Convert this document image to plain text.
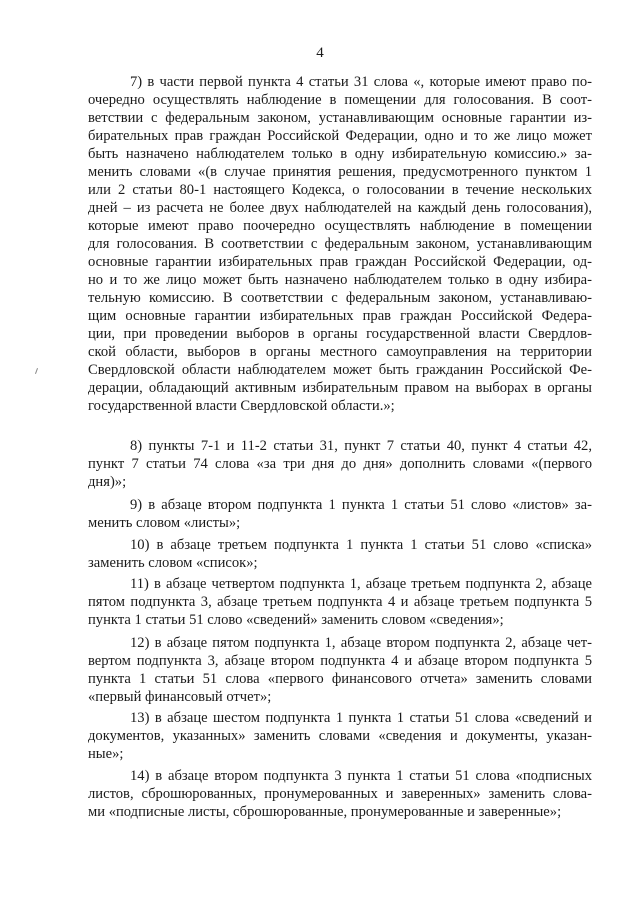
4
7) в части первой пункта 4 статьи 31 слова «, которые имеют право по-
очередно осуществлять наблюдение в помещении для голосования. В соот-
ветствии с федеральным законом, устанавливающим основные гарантии из-
бирательных прав граждан Российской Федерации, одно и то же лицо может
быть назначено наблюдателем только в одну избирательную комиссию.» за-
менить словами «(в случае принятия решения, предусмотренного пунктом 1
или 2 статьи 80-1 настоящего Кодекса, о голосовании в течение нескольких
дней – из расчета не более двух наблюдателей на каждый день голосования),
которые имеют право поочередно осуществлять наблюдение в помещении
для голосования. В соответствии с федеральным законом, устанавливающим
основные гарантии избирательных прав граждан Российской Федерации, од-
но и то же лицо может быть назначено наблюдателем только в одну избира-
тельную комиссию. В соответствии с федеральным законом, устанавливаю-
щим основные гарантии избирательных прав граждан Российской Федера-
ции, при проведении выборов в органы государственной власти Свердлов-
ской области, выборов в органы местного самоуправления на территории
Свердловской области наблюдателем может быть гражданин Российской Фе-
дерации, обладающий активным избирательным правом на выборах в органы
государственной власти Свердловской области.»;
8) пункты 7-1 и 11-2 статьи 31, пункт 7 статьи 40, пункт 4 статьи 42,
пункт 7 статьи 74 слова «за три дня до дня» дополнить словами «(первого
дня)»;
9) в абзаце втором подпункта 1 пункта 1 статьи 51 слово «листов» за-
менить словом «листы»;
10) в абзаце третьем подпункта 1 пункта 1 статьи 51 слово «списка»
заменить словом «список»;
11) в абзаце четвертом подпункта 1, абзаце третьем подпункта 2, абзаце
пятом подпункта 3, абзаце третьем подпункта 4 и абзаце третьем подпункта 5
пункта 1 статьи 51 слово «сведений» заменить словом «сведения»;
12) в абзаце пятом подпункта 1, абзаце втором подпункта 2, абзаце чет-
вертом подпункта 3, абзаце втором подпункта 4 и абзаце втором подпункта 5
пункта 1 статьи 51 слова «первого финансового отчета» заменить словами
«первый финансовый отчет»;
13) в абзаце шестом подпункта 1 пункта 1 статьи 51 слова «сведений и
документов, указанных» заменить словами «сведения и документы, указан-
ные»;
14) в абзаце втором подпункта 3 пункта 1 статьи 51 слова «подписных
листов, сброшюрованных, пронумерованных и заверенных» заменить слова-
ми «подписные листы, сброшюрованные, пронумерованные и заверенные»;
